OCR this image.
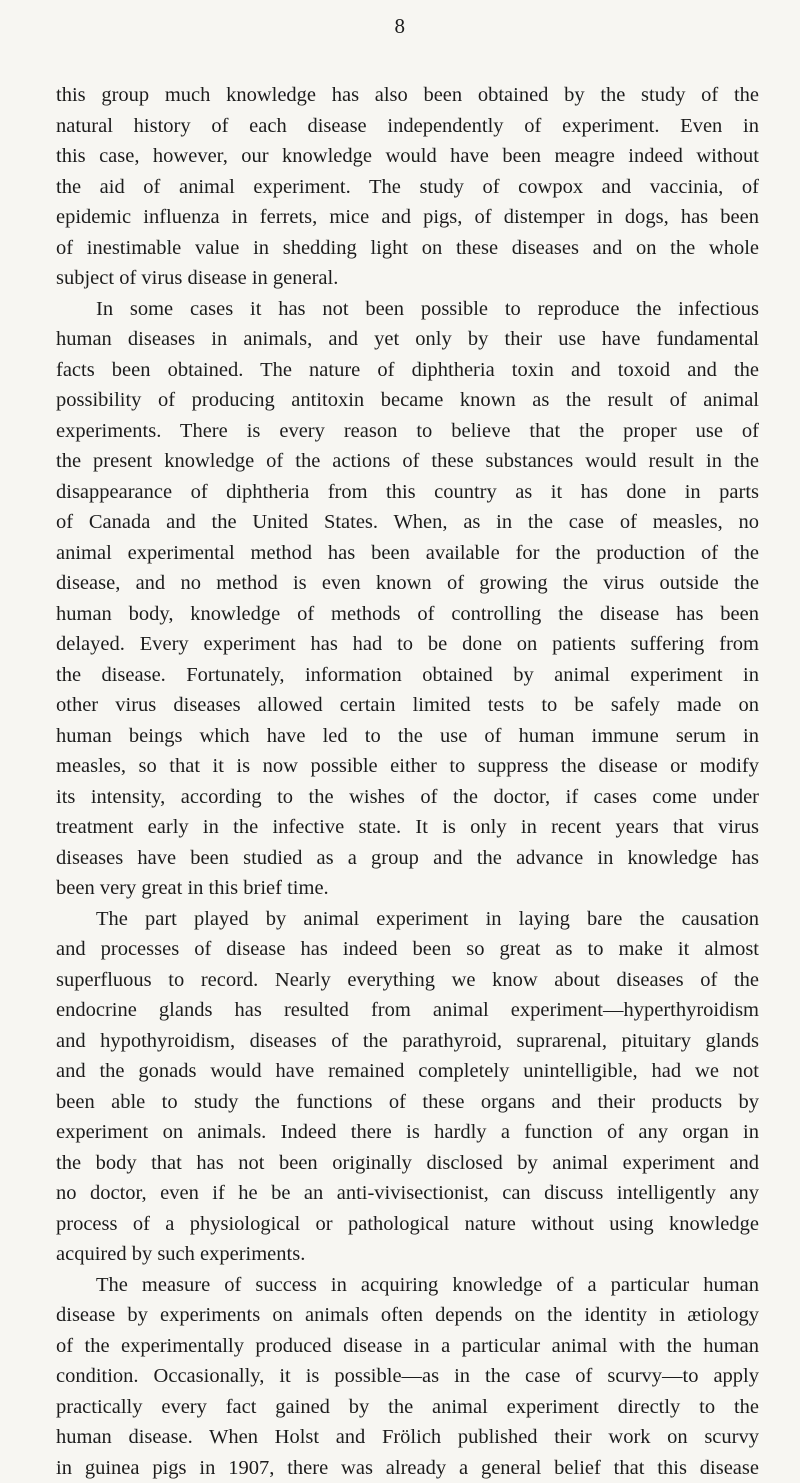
8
this group much knowledge has also been obtained by the study of the
natural history of each disease independently of experiment. Even in
this case, however, our knowledge would have been meagre indeed without
the aid of animal experiment. The study of cowpox and vaccinia, of
epidemic influenza in ferrets, mice and pigs, of distemper in dogs, has been
of inestimable value in shedding light on these diseases and on the whole
subject of virus disease in general.
In some cases it has not been possible to reproduce the infectious
human diseases in animals, and yet only by their use have fundamental
facts been obtained. The nature of diphtheria toxin and toxoid and the
possibility of producing antitoxin became known as the result of animal
experiments. There is every reason to believe that the proper use of
the present knowledge of the actions of these substances would result in the
disappearance of diphtheria from this country as it has done in parts
of Canada and the United States. When, as in the case of measles, no
animal experimental method has been available for the production of the
disease, and no method is even known of growing the virus outside the
human body, knowledge of methods of controlling the disease has been
delayed. Every experiment has had to be done on patients suffering from
the disease. Fortunately, information obtained by animal experiment in
other virus diseases allowed certain limited tests to be safely made on
human beings which have led to the use of human immune serum in
measles, so that it is now possible either to suppress the disease or modify
its intensity, according to the wishes of the doctor, if cases come under
treatment early in the infective state. It is only in recent years that virus
diseases have been studied as a group and the advance in knowledge has
been very great in this brief time.
The part played by animal experiment in laying bare the causation
and processes of disease has indeed been so great as to make it almost
superfluous to record. Nearly everything we know about diseases of the
endocrine glands has resulted from animal experiment—hyperthyroidism
and hypothyroidism, diseases of the parathyroid, suprarenal, pituitary glands
and the gonads would have remained completely unintelligible, had we not
been able to study the functions of these organs and their products by
experiment on animals. Indeed there is hardly a function of any organ in
the body that has not been originally disclosed by animal experiment and
no doctor, even if he be an anti-vivisectionist, can discuss intelligently any
process of a physiological or pathological nature without using knowledge
acquired by such experiments.
The measure of success in acquiring knowledge of a particular human
disease by experiments on animals often depends on the identity in ætiology
of the experimentally produced disease in a particular animal with the human
condition. Occasionally, it is possible—as in the case of scurvy—to apply
practically every fact gained by the animal experiment directly to the
human disease. When Holst and Frölich published their work on scurvy
in guinea pigs in 1907, there was already a general belief that this disease
